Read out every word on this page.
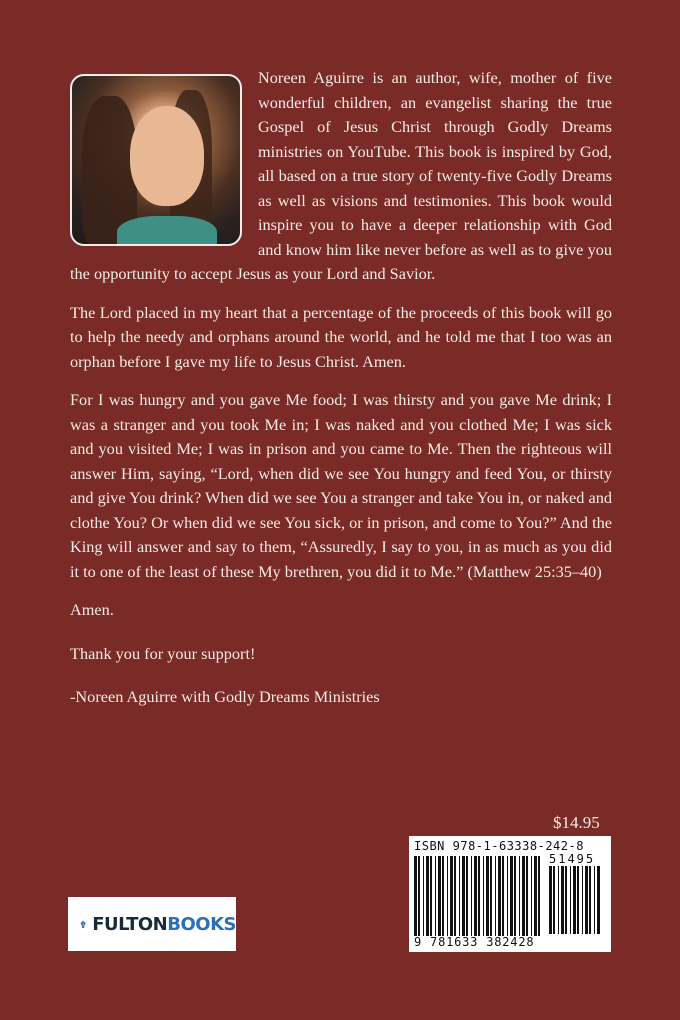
Noreen Aguirre is an author, wife, mother of five wonderful children, an evangelist sharing the true Gospel of Jesus Christ through Godly Dreams ministries on YouTube. This book is inspired by God, all based on a true story of twenty-five Godly Dreams as well as visions and testimonies. This book would inspire you to have a deeper relationship with God and know him like never before as well as to give you the opportunity to accept Jesus as your Lord and Savior.

The Lord placed in my heart that a percentage of the proceeds of this book will go to help the needy and orphans around the world, and he told me that I too was an orphan before I gave my life to Jesus Christ. Amen.

For I was hungry and you gave Me food; I was thirsty and you gave Me drink; I was a stranger and you took Me in; I was naked and you clothed Me; I was sick and you visited Me; I was in prison and you came to Me. Then the righteous will answer Him, saying, “Lord, when did we see You hungry and feed You, or thirsty and give You drink? When did we see You a stranger and take You in, or naked and clothe You? Or when did we see You sick, or in prison, and come to You?” And the King will answer and say to them, “Assuredly, I say to you, in as much as you did it to one of the least of these My brethren, you did it to Me.” (Matthew 25:35–40)

Amen.

Thank you for your support!

-Noreen Aguirre with Godly Dreams Ministries

$14.95
ISBN 978-1-63338-242-8
51495
9 781633 382428
FULTONBOOKS
